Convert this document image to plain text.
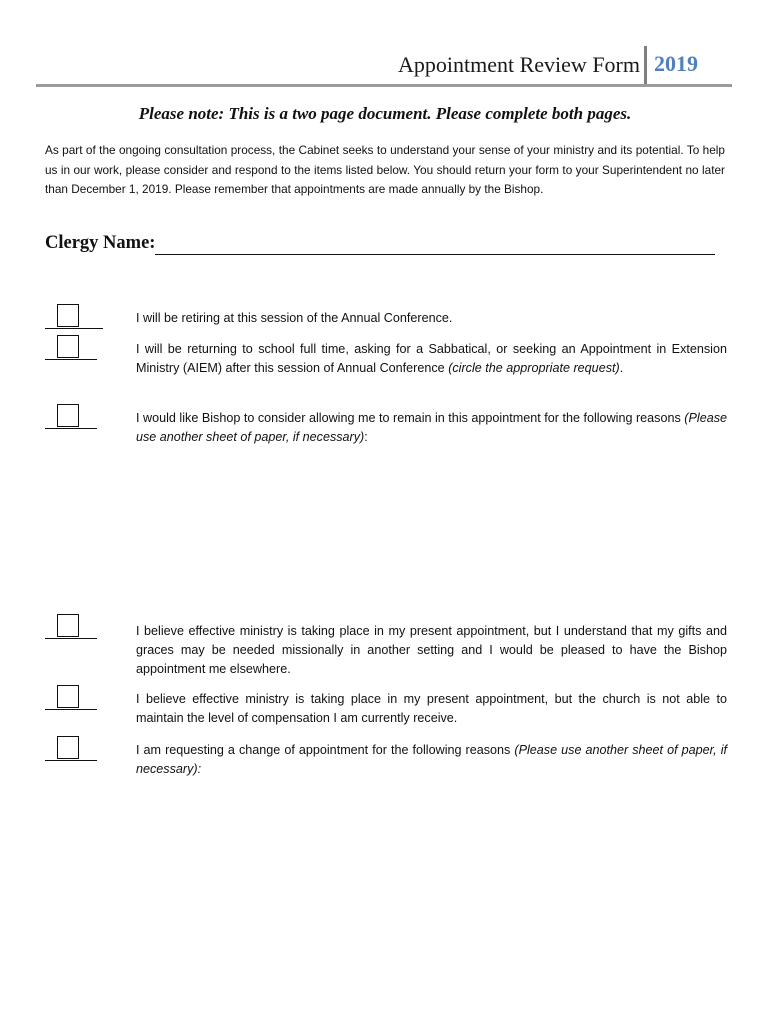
Appointment Review Form 2019
Please note: This is a two page document. Please complete both pages.
As part of the ongoing consultation process, the Cabinet seeks to understand your sense of your ministry and its potential. To help us in our work, please consider and respond to the items listed below. You should return your form to your Superintendent no later than December 1, 2019. Please remember that appointments are made annually by the Bishop.
Clergy Name:
I will be retiring at this session of the Annual Conference.
I will be returning to school full time, asking for a Sabbatical, or seeking an Appointment in Extension Ministry (AIEM) after this session of Annual Conference (circle the appropriate request).
I would like Bishop to consider allowing me to remain in this appointment for the following reasons (Please use another sheet of paper, if necessary):
I believe effective ministry is taking place in my present appointment, but I understand that my gifts and graces may be needed missionally in another setting and I would be pleased to have the Bishop appointment me elsewhere.
I believe effective ministry is taking place in my present appointment, but the church is not able to maintain the level of compensation I am currently receive.
I am requesting a change of appointment for the following reasons (Please use another sheet of paper, if necessary):
